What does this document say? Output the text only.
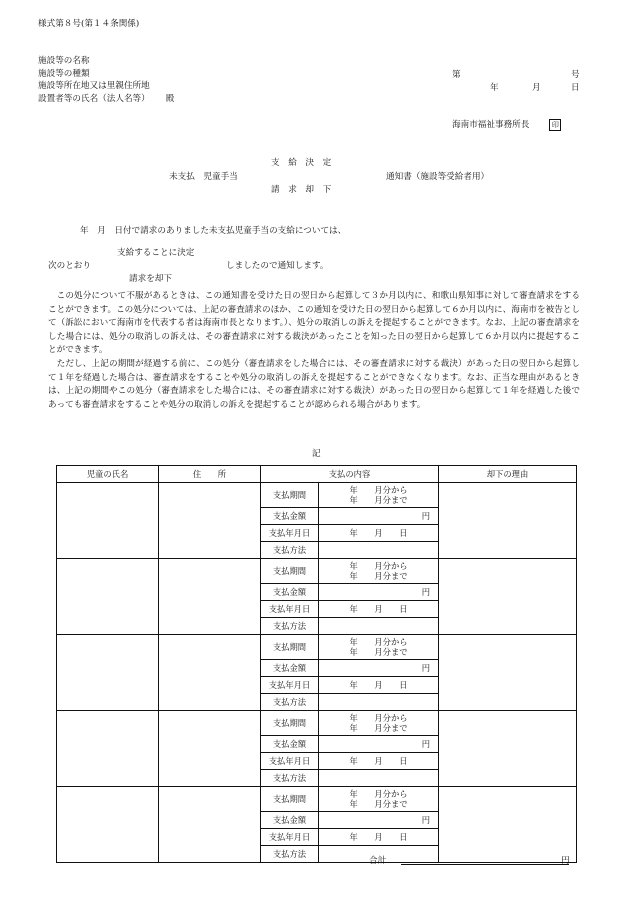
様式第８号(第１４条関係)
施設等の名称
施設等の種類
施設等所在地又は里親住所地
設置者等の氏名（法人名等） 殿
第	号
年	月	日
海南市福祉事務所長	印
支　給　決　定
未支払　児童手当	通知書（施設等受給者用）
請　求　却　下
年　月　日付で請求のありました未支払児童手当の支給については、
支給することに決定
次のとおり	しましたので通知します。
請求を却下

この処分について不服があるときは、この通知書を受けた日の翌日から起算して３か月以内に、和歌山県知事に対して審査請求をすることができます。この処分については、上記の審査請求のほか、この通知を受けた日の翌日から起算して６か月以内に、海南市を被告として（訴訟において海南市を代表する者は海南市長となります。）、処分の取消しの訴えを提起することができます。なお、上記の審査請求をした場合には、処分の取消しの訴えは、その審査請求に対する裁決があったことを知った日の翌日から起算して６か月以内に提起することができます。

ただし、上記の期間が経過する前に、この処分（審査請求をした場合には、その審査請求に対する裁決）があった日の翌日から起算して１年を経過した場合は、審査請求をすることや処分の取消しの訴えを提起することができなくなります。なお、正当な理由があるときは、上記の期間やこの処分（審査請求をした場合には、その審査請求に対する裁決）があった日の翌日から起算して１年を経過した後であっても審査請求をすることや処分の取消しの訴えを提起することが認められる場合があります。

記
児童の氏名	住　　所	支払の内容		却下の理由
		支払期間	年　　月分から
年　　月分まで	

		支払金額	円	
		支払年月日	年　　月　　日	
		支払方法		
		支払期間	年　　月分から
年　　月分まで	

		支払金額	円	
		支払年月日	年　　月　　日	
		支払方法		
		支払期間	年　　月分から
年　　月分まで	

		支払金額	円	
		支払年月日	年　　月　　日	
		支払方法		
		支払期間	年　　月分から
年　　月分まで	

		支払金額	円	
		支払年月日	年　　月　　日	
		支払方法		
		支払期間	年　　月分から
年　　月分まで	

		支払金額	円	
		支払年月日	年　　月　　日	
		支払方法		
合計	円
